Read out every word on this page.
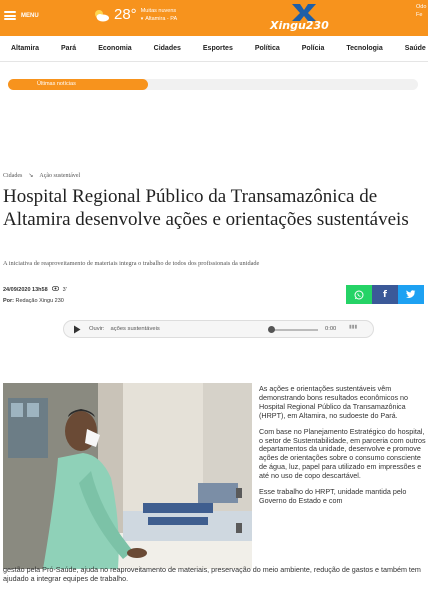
MENU	28° Muitas nuvens
▾ Altamira - PA
Xingu230
Odo
Fe
Altamira	Pará	Economia	Cidades	Esportes	Política	Polícia	Tecnologia	Saúde
Últimas notícias
Cidades ↘ Ação sustentável
Hospital Regional Público da Transamazônica de Altamira desenvolve ações e orientações sustentáveis
A iniciativa de reaproveitamento de materiais integra o trabalho de todos dos profissionais da unidade
24/09/2020 13h58	3'
Por: Redação Xingu 230
f
Ouvir: ações sustentáveis	0:00	▮▮▮

As ações e orientações sustentáveis vêm demonstrando bons resultados econômicos no Hospital Regional Público da Transamazônica (HRPT), em Altamira, no sudoeste do Pará.

Com base no Planejamento Estratégico do hospital, o setor de Sustentabilidade, em parceria com outros departamentos da unidade, desenvolve e promove ações de orientações sobre o consumo consciente de água, luz, papel para utilizado em impressões e até no uso de copo descartável.

Esse trabalho do HRPT, unidade mantida pelo Governo do Estado e com

gestão pela Pró-Saúde, ajuda no reaproveitamento de materiais, preservação do meio ambiente, redução de gastos e também tem ajudado a integrar equipes de trabalho.
